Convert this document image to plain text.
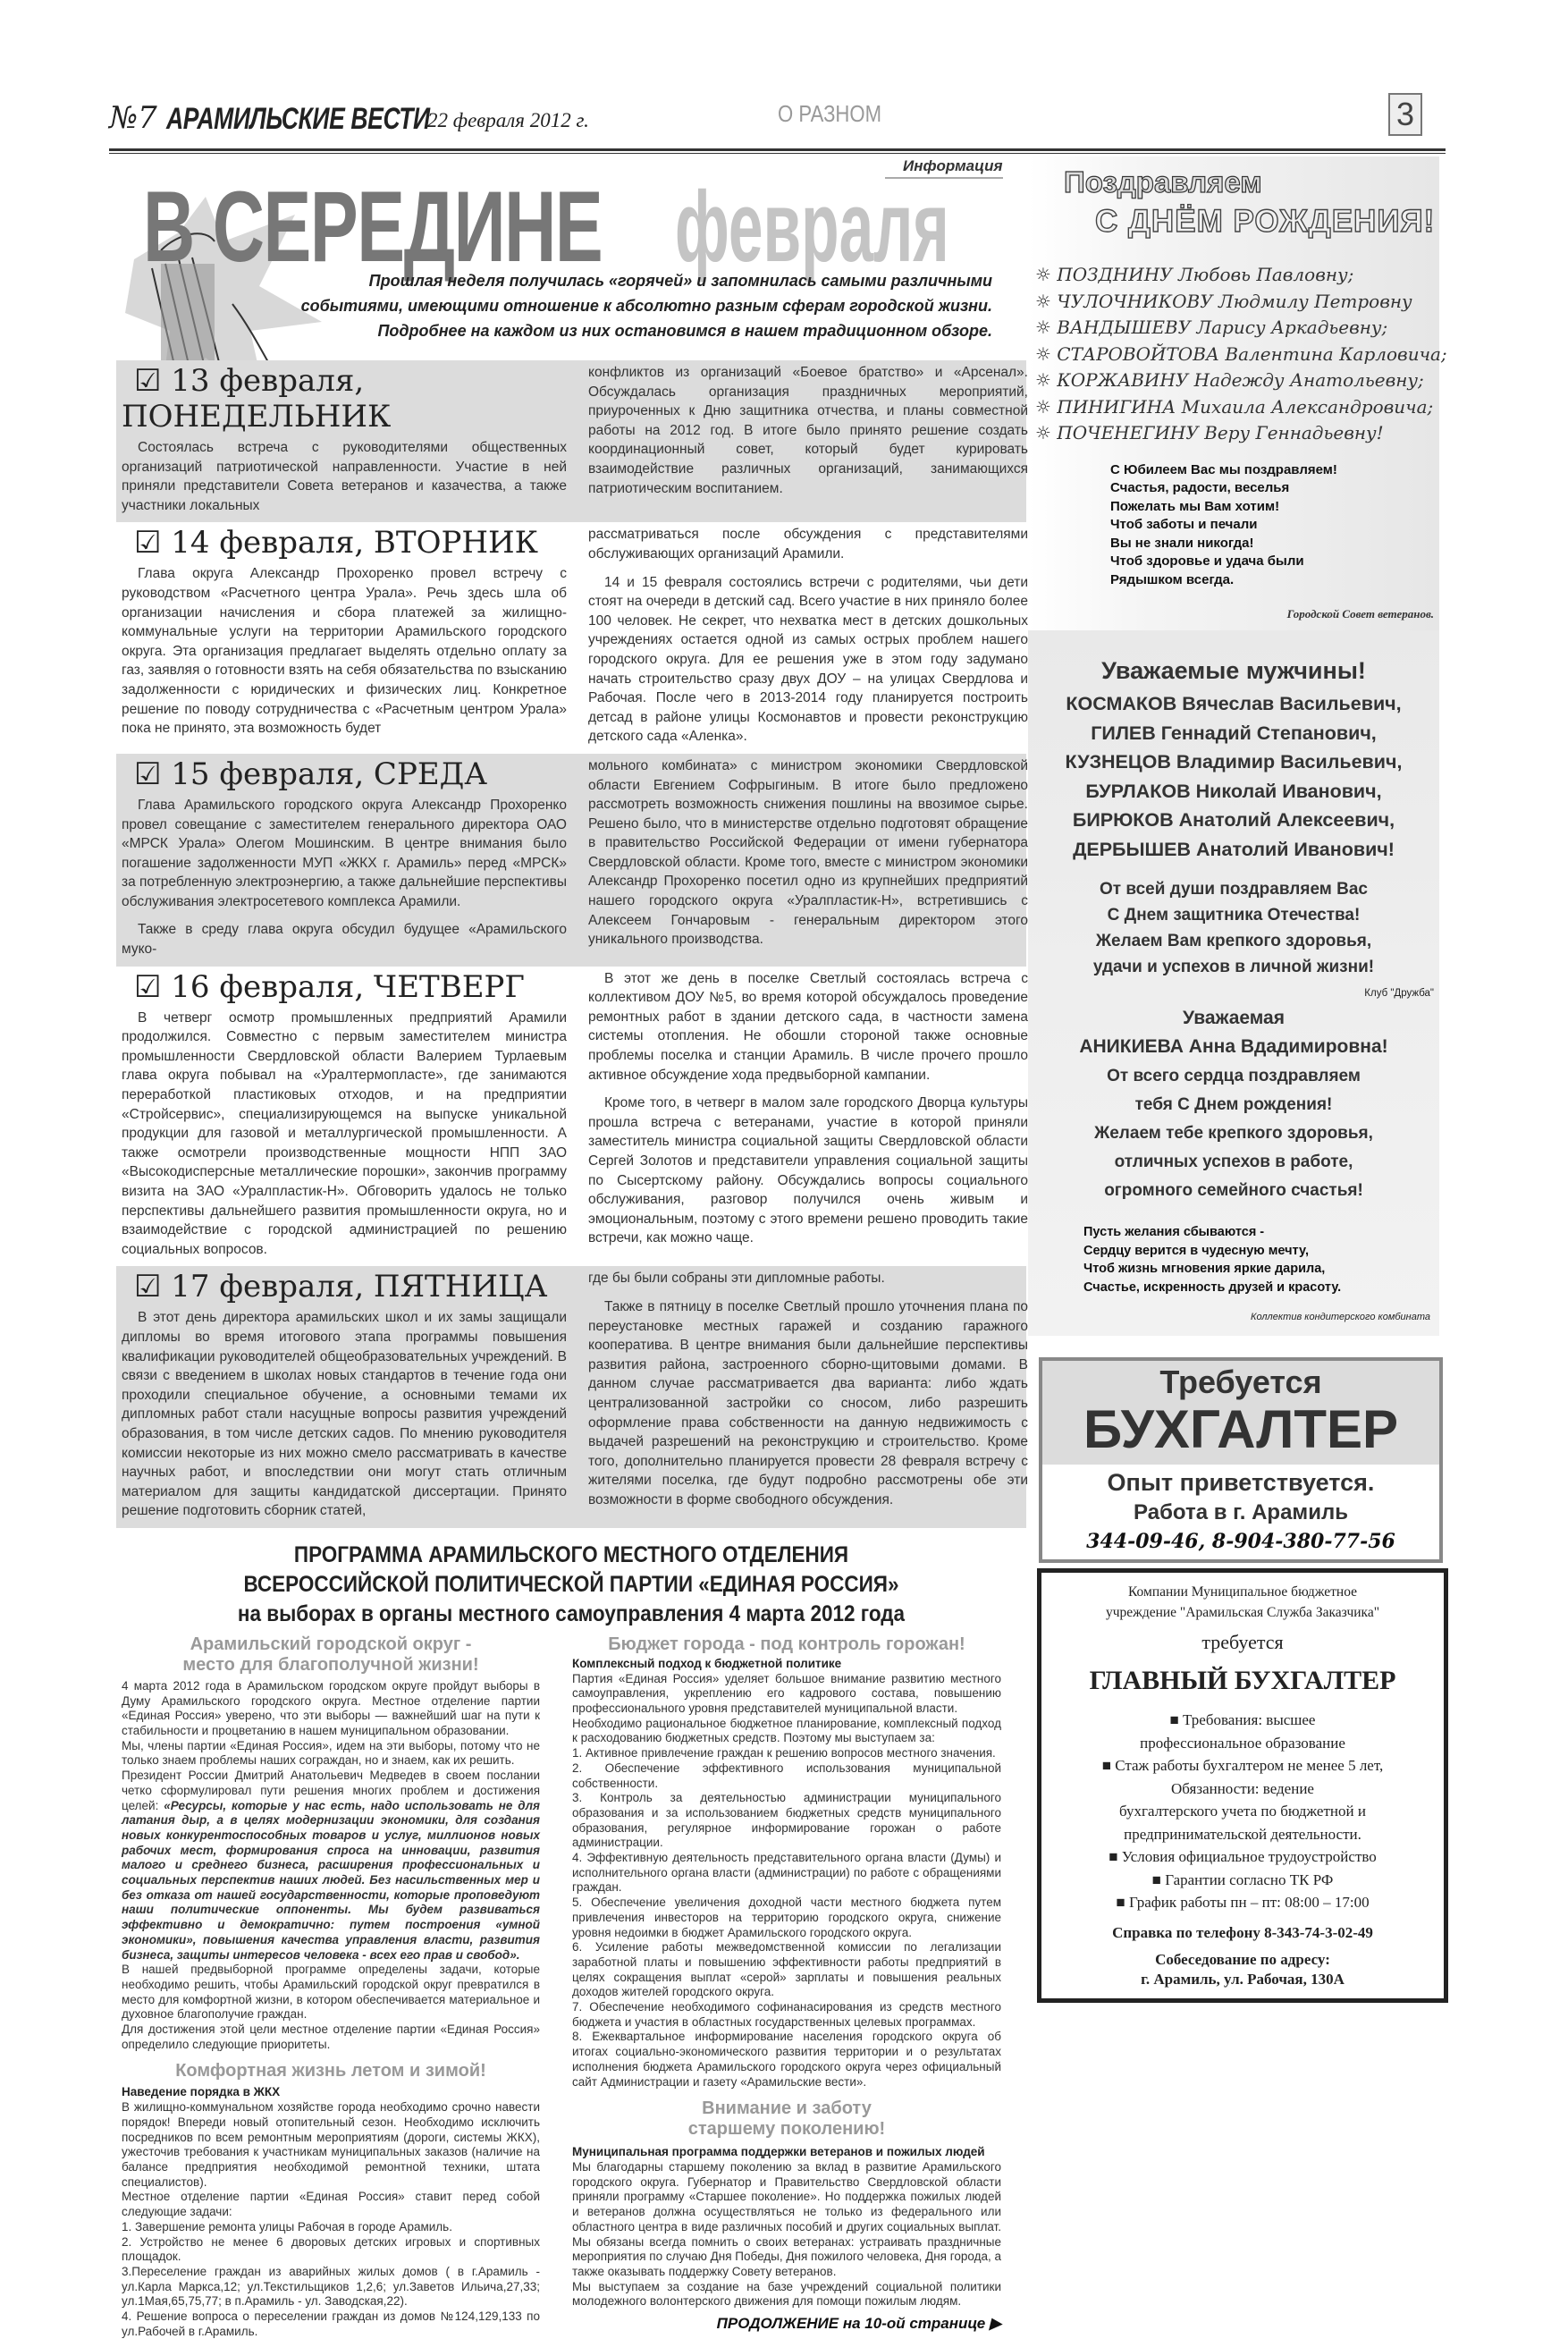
№7 АРАМИЛЬСКИЕ ВЕСТИ
22 февраля 2012 г.	О РАЗНОМ	3
Информация
В СЕРЕДИНЕ февраля
Прошлая неделя получилась «горячей» и запомнилась самыми различными
событиями, имеющими отношение к абсолютно разным сферам городской жизни.
Подробнее на каждом из них остановимся в нашем традиционном обзоре.
☑ 13 февраля,
ПОНЕДЕЛЬНИК

Состоялась встреча с руководителями общественных организаций патриотической направленности. Участие в ней приняли представители Совета ветеранов и казачества, а также участники локальных

конфликтов из организаций «Боевое братство» и «Арсенал». Обсуждалась организация праздничных мероприятий, приуроченных к Дню защитника отчества, и планы совместной работы на 2012 год. В итоге было принято решение создать координационный совет, который будет курировать взаимодействие различных организаций, занимающихся патриотическим воспитанием.

☑ 14 февраля, ВТОРНИК

Глава округа Александр Прохоренко провел встречу с руководством «Расчетного центра Урала». Речь здесь шла об организации начисления и сбора платежей за жилищно-коммунальные услуги на территории Арамильского городского округа. Эта организация предлагает выделять отдельно оплату за газ, заявляя о готовности взять на себя обязательства по взысканию задолженности с юридических и физических лиц. Конкретное решение по поводу сотрудничества с «Расчетным центром Урала» пока не принято, эта возможность будет

рассматриваться после обсуждения с представителями обслуживающих организаций Арамили.

14 и 15 февраля состоялись встречи с родителями, чьи дети стоят на очереди в детский сад. Всего участие в них приняло более 100 человек. Не секрет, что нехватка мест в детских дошкольных учреждениях остается одной из самых острых проблем нашего городского округа. Для ее решения уже в этом году задумано начать строительство сразу двух ДОУ – на улицах Свердлова и Рабочая. После чего в 2013-2014 году планируется построить детсад в районе улицы Космонавтов и провести реконструкцию детского сада «Аленка».

☑ 15 февраля, СРЕДА

Глава Арамильского городского округа Александр Прохоренко провел совещание с заместителем генерального директора ОАО «МРСК Урала» Олегом Мошинским. В центре внимания было погашение задолженности МУП «ЖКХ г. Арамиль» перед «МРСК» за потребленную электроэнергию, а также дальнейшие перспективы обслуживания электросетевого комплекса Арамили.

Также в среду глава округа обсудил будущее «Арамильского муко-

мольного комбината» с министром экономики Свердловской области Евгением Софрыгиным. В итоге было предложено рассмотреть возможность снижения пошлины на ввозимое сырье. Решено было, что в министерстве отдельно подготовят обращение в правительство Российской Федерации от имени губернатора Свердловской области. Кроме того, вместе с министром экономики Александр Прохоренко посетил одно из крупнейших предприятий нашего городского округа «Уралпластик-Н», встретившись с Алексеем Гончаровым - генеральным директором этого уникального производства.

☑ 16 февраля, ЧЕТВЕРГ

В четверг осмотр промышленных предприятий Арамили продолжился. Совместно с первым заместителем министра промышленности Свердловской области Валерием Турлаевым глава округа побывал на «Уралтермопласте», где занимаются переработкой пластиковых отходов, и на предприятии «Стройсервис», специализирующемся на выпуске уникальной продукции для газовой и металлургической промышленности. А также осмотрели производственные мощности НПП ЗАО «Высокодисперсные металлические порошки», закончив программу визита на ЗАО «Уралпластик-Н». Обговорить удалось не только перспективы дальнейшего развития промышленности округа, но и взаимодействие с городской администрацией по решению социальных вопросов.

В этот же день в поселке Светлый состоялась встреча с коллективом ДОУ №5, во время которой обсуждалось проведение ремонтных работ в здании детского сада, в частности замена системы отопления. Не обошли стороной также основные проблемы поселка и станции Арамиль. В числе прочего прошло активное обсуждение хода предвыборной кампании.

Кроме того, в четверг в малом зале городского Дворца культуры прошла встреча с ветеранами, участие в которой приняли заместитель министра социальной защиты Свердловской области Сергей Золотов и представители управления социальной защиты по Сысертскому району. Обсуждались вопросы социального обслуживания, разговор получился очень живым и эмоциональным, поэтому с этого времени решено проводить такие встречи, как можно чаще.

☑ 17 февраля, ПЯТНИЦА

В этот день директора арамильских школ и их замы защищали дипломы во время итогового этапа программы повышения квалификации руководителей общеобразовательных учреждений. В связи с введением в школах новых стандартов в течение года они проходили специальное обучение, а основными темами их дипломных работ стали насущные вопросы развития учреждений образования, в том числе детских садов. По мнению руководителя комиссии некоторые из них можно смело рассматривать в качестве научных работ, и впоследствии они могут стать отличным материалом для защиты кандидатской диссертации. Принято решение подготовить сборник статей,

где бы были собраны эти дипломные работы.

Также в пятницу в поселке Светлый прошло уточнения плана по переустановке местных гаражей и созданию гаражного кооператива. В центре внимания были дальнейшие перспективы развития района, застроенного сборно-щитовыми домами. В данном случае рассматривается два варианта: либо ждать централизованной застройки со сносом, либо разрешить оформление права собственности на данную недвижимость с выдачей разрешений на реконструкцию и строительство. Кроме того, дополнительно планируется провести 28 февраля встречу с жителями поселка, где будут подробно рассмотрены обе эти возможности в форме свободного обсуждения.

ПРОГРАММА АРАМИЛЬСКОГО МЕСТНОГО ОТДЕЛЕНИЯ
ВСЕРОССИЙСКОЙ ПОЛИТИЧЕСКОЙ ПАРТИИ «ЕДИНАЯ РОССИЯ»
на выборах в органы местного самоуправления 4 марта 2012 года
Арамильский городской округ -
место для благополучной жизни!

4 марта 2012 года в Арамильском городском округе пройдут выборы в Думу Арамильского городского округа. Местное отделение партии «Единая Россия» уверено, что эти выборы — важнейший шаг на пути к стабильности и процветанию в нашем муниципальном образовании.

Мы, члены партии «Единая Россия», идем на эти выборы, потому что не только знаем проблемы наших сограждан, но и знаем, как их решить.

Президент России Дмитрий Анатольевич Медведев в своем послании четко сформулировал пути решения многих проблем и достижения целей: «Ресурсы, которые у нас есть, надо использовать не для латания дыр, а в целях модернизации экономики, для создания новых конкурентоспособных товаров и услуг, миллионов новых рабочих мест, формирования спроса на инновации, развития малого и среднего бизнеса, расширения профессиональных и социальных перспектив наших людей. Без насильственных мер и без отказа от нашей государственности, которые проповедуют наши политические оппоненты. Мы будем развиваться эффективно и демократично: путем построения «умной экономики», повышения качества управления власти, развития бизнеса, защиты интересов человека - всех его прав и свобод».

В нашей предвыборной программе определены задачи, которые необходимо решить, чтобы Арамильский городской округ превратился в место для комфортной жизни, в котором обеспечивается материальное и духовное благополучие граждан.

Для достижения этой цели местное отделение партии «Единая Россия» определило следующие приоритеты.

Комфортная жизнь летом и зимой!

Наведение порядка в ЖКХ

В жилищно-коммунальном хозяйстве города необходимо срочно навести порядок! Впереди новый отопительный сезон. Необходимо исключить посредников по всем ремонтным мероприятиям (дороги, системы ЖКХ), ужесточив требования к участникам муниципальных заказов (наличие на балансе предприятия необходимой ремонтной техники, штата специалистов).

Местное отделение партии «Единая Россия» ставит перед собой следующие задачи:

1. Завершение ремонта улицы Рабочая в городе Арамиль.

2. Устройство не менее 6 дворовых детских игровых и спортивных площадок.

3.Переселение граждан из аварийных жилых домов ( в г.Арамиль - ул.Карла Маркса,12; ул.Текстильщиков 1,2,6; ул.Заветов Ильича,27,33; ул.1Мая,65,75,77; в п.Арамиль - ул. Заводская,22).

4. Решение вопроса о переселении граждан из домов №124,129,133 по ул.Рабочей в г.Арамиль.

Бюджет города - под контроль горожан!

Комплексный подход к бюджетной политике

Партия «Единая Россия» уделяет большое внимание развитию местного самоуправления, укреплению его кадрового состава, повышению профессионального уровня представителей муниципальной власти.

Необходимо рациональное бюджетное планирование, комплексный подход к расходованию бюджетных средств. Поэтому мы выступаем за:

1. Активное привлечение граждан к решению вопросов местного значения.

2. Обеспечение эффективного использования муниципальной собственности.

3. Контроль за деятельностью администрации муниципального образования и за использованием бюджетных средств муниципального образования, регулярное информирование горожан о работе администрации.

4. Эффективную деятельность представительного органа власти (Думы) и исполнительного органа власти (администрации) по работе с обращениями граждан.

5. Обеспечение увеличения доходной части местного бюджета путем привлечения инвесторов на территорию городского округа, снижение уровня недоимки в бюджет Арамильского городского округа.

6. Усиление работы межведомственной комиссии по легализации заработной платы и повышению эффективности работы предприятий в целях сокращения выплат «серой» зарплаты и повышения реальных доходов жителей городского округа.

7. Обеспечение необходимого софинанасирования из средств местного бюджета и участия в областных государственных целевых программах.

8. Ежеквартальное информирование населения городского округа об итогах социально-экономического развития территории и о результатах исполнения бюджета Арамильского городского округа через официальный сайт Администрации и газету «Арамильские вести».

Внимание и заботу
старшему поколению!

Муниципальная программа поддержки ветеранов и пожилых людей

Мы благодарны старшему поколению за вклад в развитие Арамильского городского округа. Губернатор и Правительство Свердловской области приняли программу «Старшее поколение». Но поддержка пожилых людей и ветеранов должна осуществляться не только из федерального или областного центра в виде различных пособий и других социальных выплат. Мы обязаны всегда помнить о своих ветеранах: устраивать праздничные мероприятия по случаю Дня Победы, Дня пожилого человека, Дня города, а также оказывать поддержку Совету ветеранов.

Мы выступаем за создание на базе учреждений социальной политики молодежного волонтерского движения для помощи пожилым людям.

ПРОДОЛЖЕНИЕ на 10-ой странице ▶
Поздравляем
С ДНЁМ РОЖДЕНИЯ!

☼ ПОЗДНИНУ Любовь Павловну;

☼ ЧУЛОЧНИКОВУ Людмилу Петровну

☼ ВАНДЫШЕВУ Ларису Аркадьевну;

☼ СТАРОВОЙТОВА Валентина Карловича;

☼ КОРЖАВИНУ Надежду Анатольевну;

☼ ПИНИГИНА Михаила Александровича;

☼ ПОЧЕНЕГИНУ Веру Геннадьевну!

С Юбилеем Вас мы поздравляем!

Счастья, радости, веселья

Пожелать мы Вам хотим!

Чтоб заботы и печали

Вы не знали никогда!

Чтоб здоровье и удача были

Рядышком всегда.

Городской Совет ветеранов.
Уважаемые мужчины!

КОСМАКОВ Вячеслав Васильевич,

ГИЛЕВ Геннадий Степанович,

КУЗНЕЦОВ Владимир Васильевич,

БУРЛАКОВ Николай Иванович,

БИРЮКОВ Анатолий Алексеевич,

ДЕРБЫШЕВ Анатолий Иванович!

От всей души поздравляем Вас

С Днем защитника Отечества!

Желаем Вам крепкого здоровья,

удачи и успехов в личной жизни!

Клуб "Дружба"
Уважаемая
АНИКИЕВА Анна Вдадимировна!

От всего сердца поздравляем

тебя С Днем рождения!

Желаем тебе крепкого здоровья,

отличных успехов в работе,

огромного семейного счастья!

Пусть желания сбываются -

Сердцу верится в чудесную мечту,

Чтоб жизнь мгновения яркие дарила,

Счастье, искренность друзей и красоту.

Коллектив кондитерского комбината
Требуется
БУХГАЛТЕР
Опыт приветствуется.
Работа в г. Арамиль
344-09-46, 8-904-380-77-56

Компании Муниципальное бюджетное

учреждение "Арамильская Служба Заказчика"

требуется
ГЛАВНЫЙ БУХГАЛТЕР

■ Требования: высшее

профессиональное образование

■ Стаж работы бухгалтером не менее 5 лет,

Обязанности: ведение

бухгалтерского учета по бюджетной и

предпринимательской деятельности.

■ Условия официальное трудоустройство

■ Гарантии согласно ТК РФ

■ График работы пн – пт: 08:00 – 17:00

Справка по телефону 8-343-74-3-02-49

Собеседование по адресу:

г. Арамиль, ул. Рабочая, 130А
